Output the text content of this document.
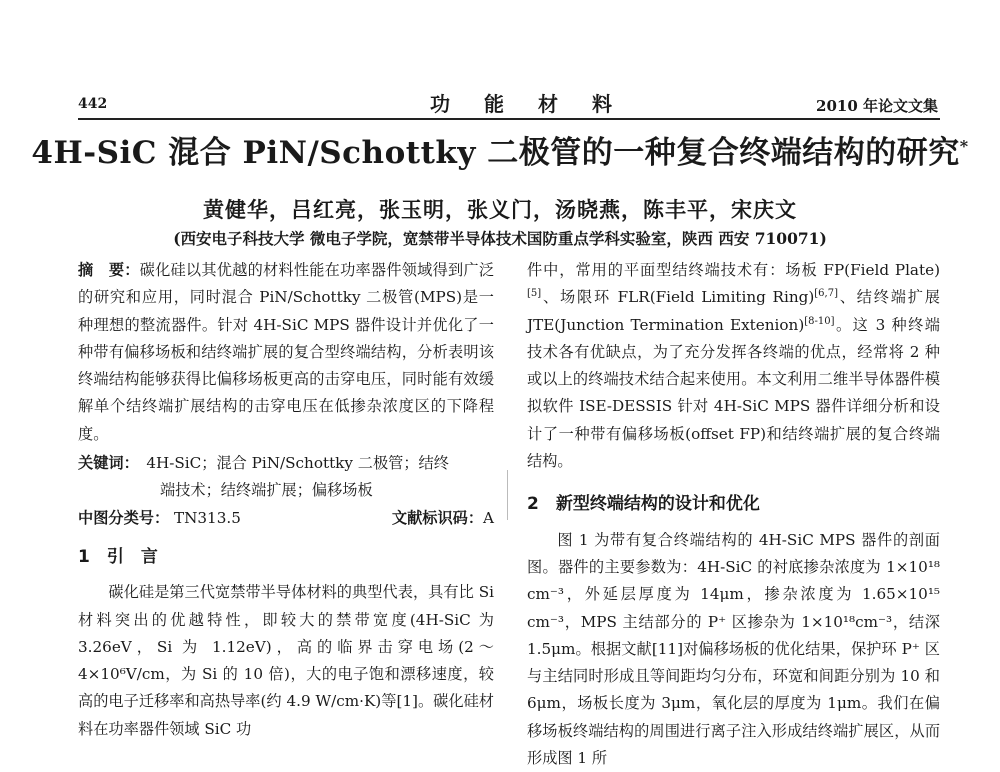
442	功能材料	2010 年论文文集
4H-SiC 混合 PiN/Schottky 二极管的一种复合终端结构的研究*
黄健华，吕红亮，张玉明，张义门，汤晓燕，陈丰平，宋庆文
(西安电子科技大学 微电子学院，宽禁带半导体技术国防重点学科实验室，陕西 西安 710071)

摘　要：碳化硅以其优越的材料性能在功率器件领域得到广泛的研究和应用，同时混合 PiN/Schottky 二极管(MPS)是一种理想的整流器件。针对 4H-SiC MPS 器件设计并优化了一种带有偏移场板和结终端扩展的复合型终端结构，分析表明该终端结构能够获得比偏移场板更高的击穿电压，同时能有效缓解单个结终端扩展结构的击穿电压在低掺杂浓度区的下降程度。

关键词：　 4H-SiC；混合 PiN/Schottky 二极管；结终

端技术；结终端扩展；偏移场板

中图分类号： TN313.5	文献标识码：A

1　引　言

碳化硅是第三代宽禁带半导体材料的典型代表，具有比 Si 材料突出的优越特性，即较大的禁带宽度(4H-SiC 为 3.26eV，Si 为 1.12eV)，高的临界击穿电场(2～4×10⁶V/cm，为 Si 的 10 倍)，大的电子饱和漂移速度，较高的电子迁移率和高热导率(约 4.9 W/cm·K)等[1]。碳化硅材料在功率器件领域 SiC 功

件中，常用的平面型结终端技术有：场板 FP(Field Plate)[5]、场限环 FLR(Field Limiting Ring)[6,7]、结终端扩展 JTE(Junction Termination Extenion)[8-10]。这 3 种终端技术各有优缺点，为了充分发挥各终端的优点，经常将 2 种或以上的终端技术结合起来使用。本文利用二维半导体器件模拟软件 ISE-DESSIS 针对 4H-SiC MPS 器件详细分析和设计了一种带有偏移场板(offset FP)和结终端扩展的复合终端结构。

2　新型终端结构的设计和优化

图 1 为带有复合终端结构的 4H-SiC MPS 器件的剖面图。器件的主要参数为：4H-SiC 的衬底掺杂浓度为 1×10¹⁸ cm⁻³，外延层厚度为 14μm，掺杂浓度为 1.65×10¹⁵ cm⁻³，MPS 主结部分的 P⁺ 区掺杂为 1×10¹⁸cm⁻³，结深 1.5μm。根据文献[11]对偏移场板的优化结果，保护环 P⁺ 区与主结同时形成且等间距均匀分布，环宽和间距分别为 10 和 6μm，场板长度为 3μm，氧化层的厚度为 1μm。我们在偏移场板终端结构的周围进行离子注入形成结终端扩展区，从而形成图 1 所
